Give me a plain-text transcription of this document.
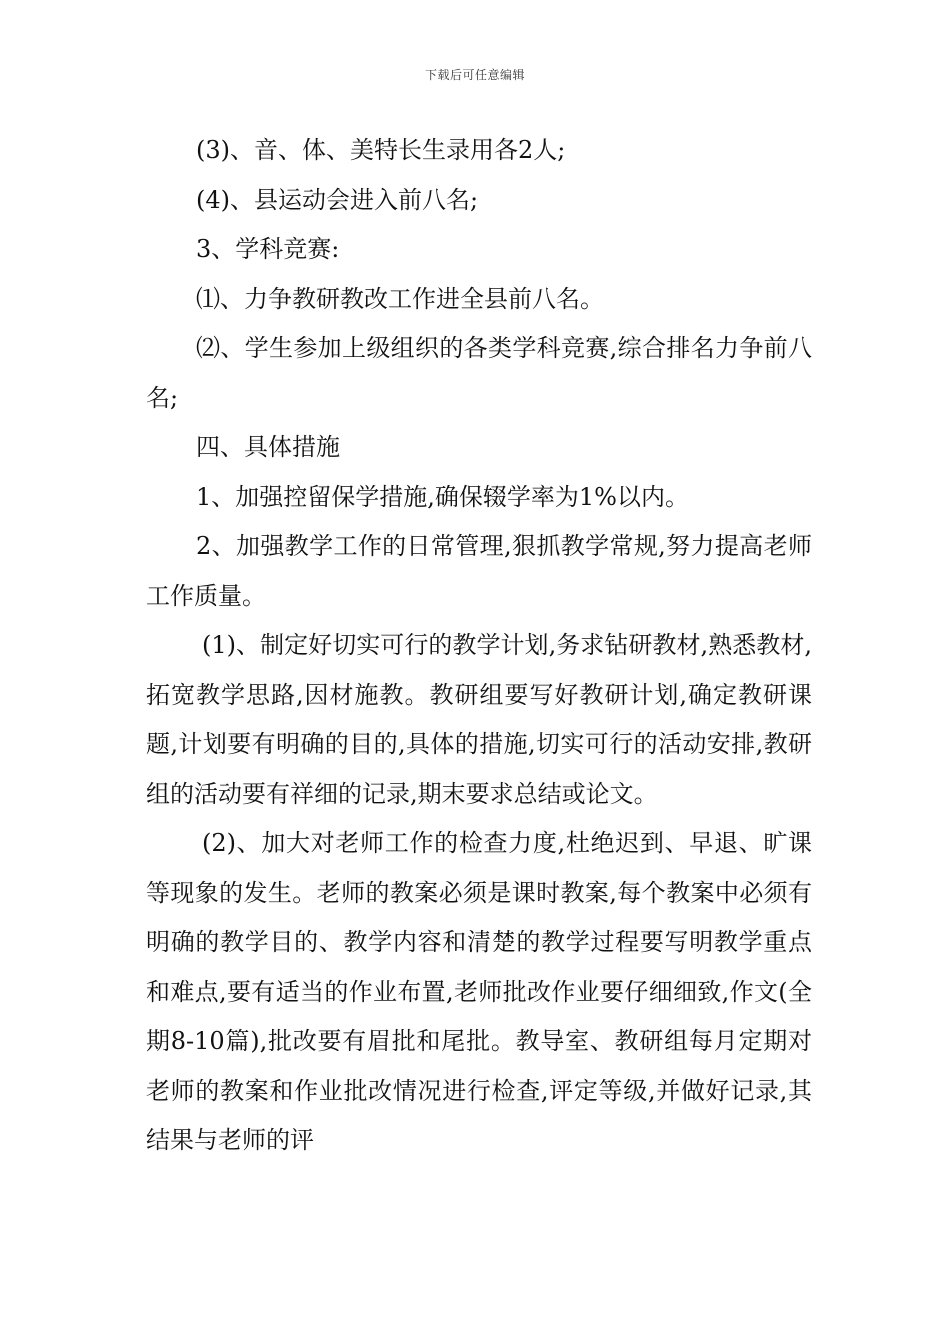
下载后可任意编辑

(3)、音、体、美特长生录用各2人;

(4)、县运动会进入前八名;

3、学科竞赛:

⑴、力争教研教改工作进全县前八名。

⑵、学生参加上级组织的各类学科竞赛,综合排名力争前八名;

四、具体措施

1、加强控留保学措施,确保辍学率为1%以内。

2、加强教学工作的日常管理,狠抓教学常规,努力提高老师工作质量。

(1)、制定好切实可行的教学计划,务求钻研教材,熟悉教材,拓宽教学思路,因材施教。教研组要写好教研计划,确定教研课题,计划要有明确的目的,具体的措施,切实可行的活动安排,教研组的活动要有祥细的记录,期末要求总结或论文。

(2)、加大对老师工作的检查力度,杜绝迟到、早退、旷课等现象的发生。老师的教案必须是课时教案,每个教案中必须有明确的教学目的、教学内容和清楚的教学过程要写明教学重点和难点,要有适当的作业布置,老师批改作业要仔细细致,作文(全期8-10篇),批改要有眉批和尾批。教导室、教研组每月定期对老师的教案和作业批改情况进行检查,评定等级,并做好记录,其结果与老师的评
